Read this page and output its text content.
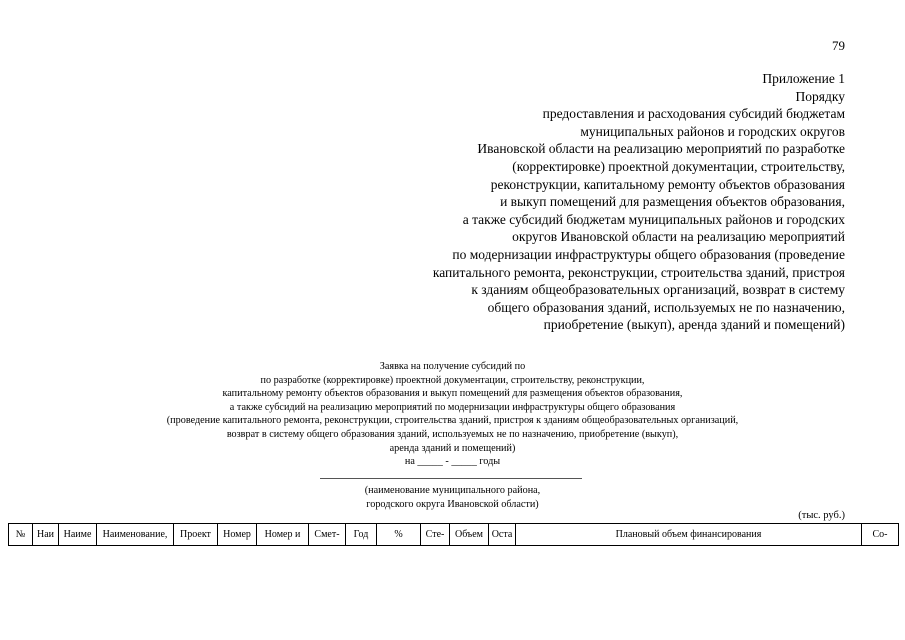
79
Приложение 1
Порядку
предоставления и расходования субсидий бюджетам
муниципальных районов и городских округов
Ивановской области на реализацию мероприятий по разработке
(корректировке) проектной документации, строительству,
реконструкции, капитальному ремонту объектов образования
и выкуп помещений для размещения объектов образования,
а также субсидий бюджетам муниципальных районов и городских
округов Ивановской области на реализацию мероприятий
по модернизации инфраструктуры общего образования (проведение
капитального ремонта, реконструкции, строительства зданий, пристроя
к зданиям общеобразовательных организаций, возврат в систему
общего образования зданий, используемых не по назначению,
приобретение (выкуп), аренда зданий и помещений)
Заявка на получение субсидий по
по разработке (корректировке) проектной документации, строительству, реконструкции,
капитальному ремонту объектов образования и выкуп помещений для размещения объектов образования,
а также субсидий на реализацию мероприятий по модернизации инфраструктуры общего образования
(проведение капитального ремонта, реконструкции, строительства зданий, пристроя к зданиям общеобразовательных организаций,
возврат в систему общего образования зданий, используемых не по назначению, приобретение (выкуп),
аренда зданий и помещений)
на _____ - _____ годы
(наименование муниципального района,
городского округа Ивановской области)
(тыс. руб.)
№	Наи	Наиме	Наименование,	Проект	Номер	Номер и	Смет-	Год	%	Сте-	Объем	Оста	Плановый объем финансирования	Со-
